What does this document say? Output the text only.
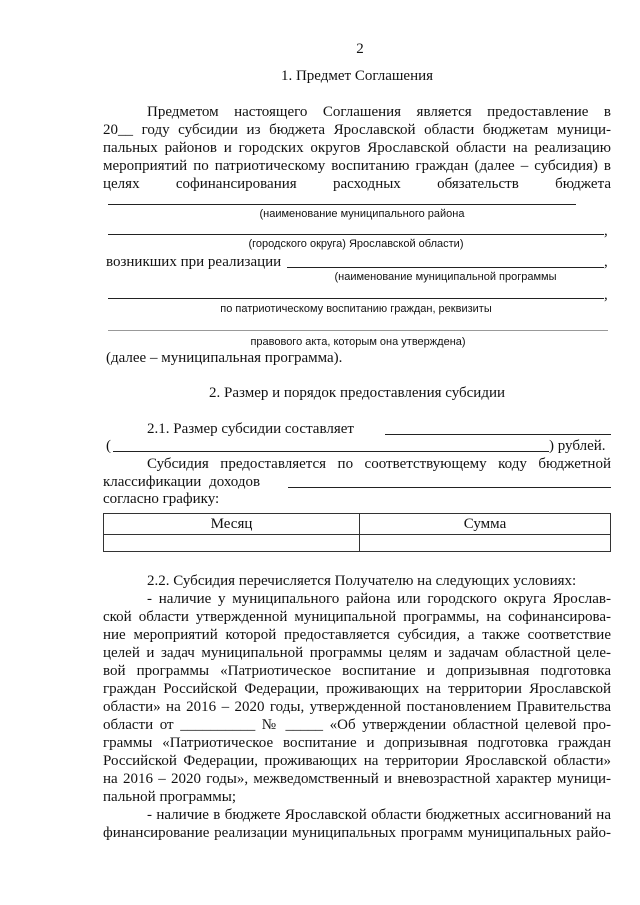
2
1. Предмет Соглашения
Предметом настоящего Соглашения является предоставление в
20__ году субсидии из бюджета Ярославской области бюджетам муници-
пальных районов и городских округов Ярославской области на реализацию
мероприятий по патриотическому воспитанию граждан (далее – субсидия) в
целях софинансирования расходных обязательств бюджета
(наименование муниципального района
,
(городского округа) Ярославской области)
возникших при реализации	,
(наименование муниципальной программы
,
по патриотическому воспитанию граждан, реквизиты
правового акта, которым она утверждена)
(далее – муниципальная программа).
2. Размер и порядок предоставления субсидии
2.1. Размер субсидии составляет
(	) рублей.
Субсидия предоставляется по соответствующему коду бюджетной
классификации доходов
согласно графику:
Месяц	Сумма

2.2. Субсидия перечисляется Получателю на следующих условиях:
- наличие у муниципального района или городского округа Ярослав-
ской области утвержденной муниципальной программы, на софинансирова-
ние мероприятий которой предоставляется субсидия, а также соответствие
целей и задач муниципальной программы целям и задачам областной целе-
вой программы «Патриотическое воспитание и допризывная подготовка
граждан Российской Федерации, проживающих на территории Ярославской
области» на 2016 – 2020 годы, утвержденной постановлением Правительства
области от __________ № _____ «Об утверждении областной целевой про-
граммы «Патриотическое воспитание и допризывная подготовка граждан
Российской Федерации, проживающих на территории Ярославской области»
на 2016 – 2020 годы», межведомственный и вневозрастной характер муници-
пальной программы;
- наличие в бюджете Ярославской области бюджетных ассигнований на
финансирование реализации муниципальных программ муниципальных райо-
